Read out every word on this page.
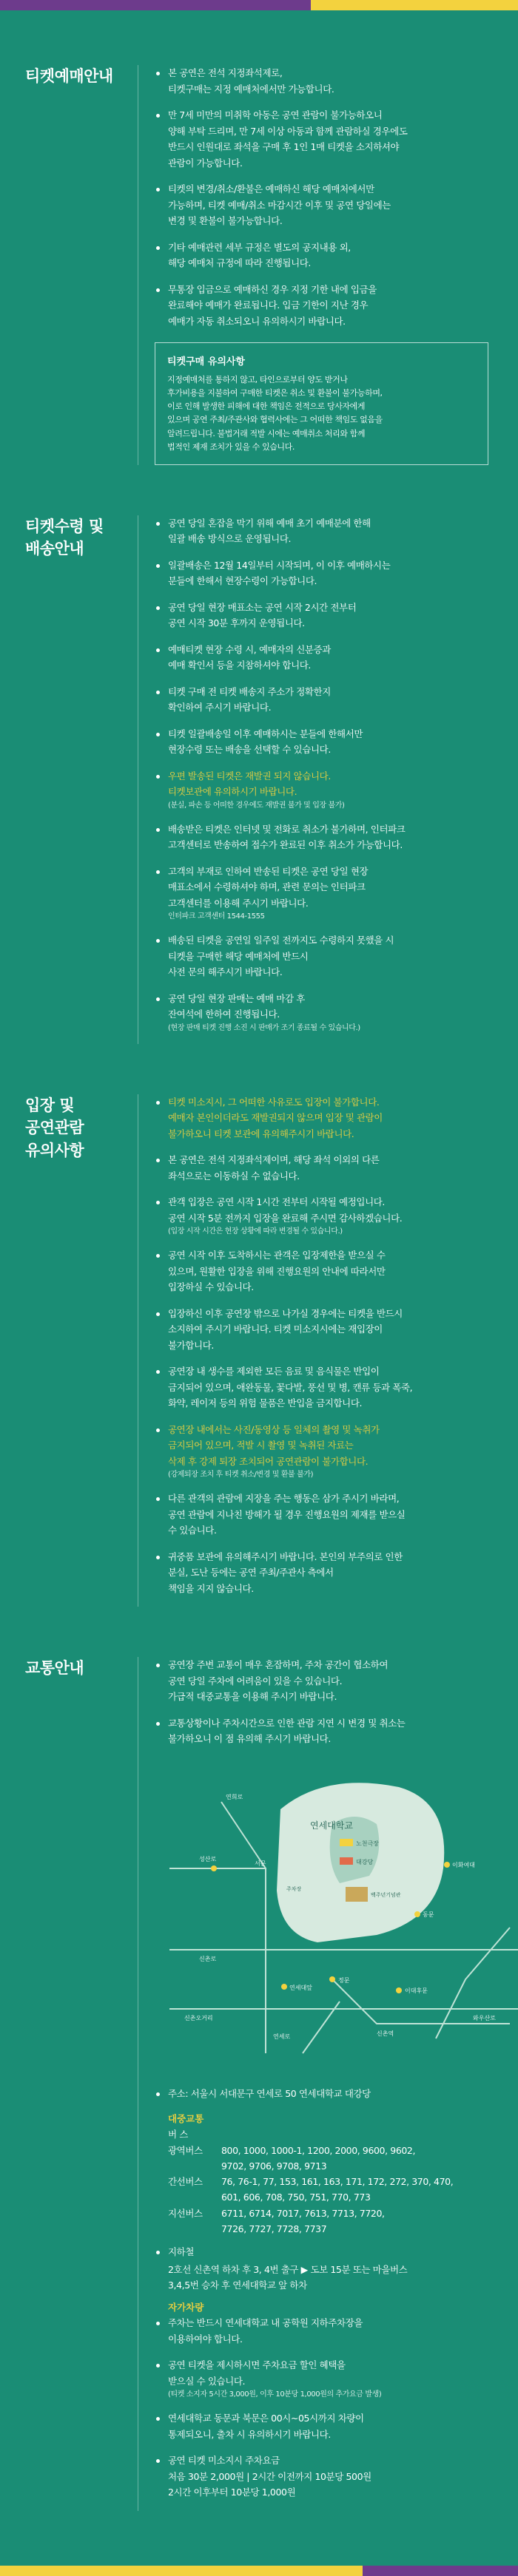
티켓예매안내	본 공연은 전석 지정좌석제로,
티켓구매는 지정 예매처에서만 가능합니다.
만 7세 미만의 미취학 아동은 공연 관람이 불가능하오니
양해 부탁 드리며, 만 7세 이상 아동과 함께 관람하실 경우에도
반드시 인원대로 좌석을 구매 후 1인 1매 티켓을 소지하셔야
관람이 가능합니다.
티켓의 변경/취소/환불은 예매하신 해당 예매처에서만
가능하며, 티켓 예매/취소 마감시간 이후 및 공연 당일에는
변경 및 환불이 불가능합니다.
기타 예매관련 세부 규정은 별도의 공지내용 외,
해당 예매처 규정에 따라 진행됩니다.
무통장 입금으로 예매하신 경우 지정 기한 내에 입금을
완료해야 예매가 완료됩니다. 입금 기한이 지난 경우
예매가 자동 취소되오니 유의하시기 바랍니다.
티켓구매 유의사항

지정예매처를 통하지 않고, 타인으로부터 양도 받거나
후가비용을 지불하여 구매한 티켓은 취소 및 환불이 불가능하며,
이로 인해 발생한 피해에 대한 책임은 전적으로 당사자에게
있으며 공연 주최/주관사와 협력사에는 그 어떠한 책임도 없음을
알려드립니다. 불법거래 적발 시에는 예매취소 처리와 함께
법적인 제재 조치가 있을 수 있습니다.

티켓수령 및
배송안내
공연 당일 혼잡을 막기 위해 예매 초기 예매분에 한해
일괄 배송 방식으로 운영됩니다.
일괄배송은 12월 14일부터 시작되며, 이 이후 예매하시는
분들에 한해서 현장수령이 가능합니다.
공연 당일 현장 매표소는 공연 시작 2시간 전부터
공연 시작 30분 후까지 운영됩니다.
예매티켓 현장 수령 시, 예매자의 신분증과
예매 확인서 등을 지참하셔야 합니다.
티켓 구매 전 티켓 배송지 주소가 정확한지
확인하여 주시기 바랍니다.
티켓 일괄배송일 이후 예매하시는 분들에 한해서만
현장수령 또는 배송을 선택할 수 있습니다.
우편 발송된 티켓은 재발권 되지 않습니다.
티켓보관에 유의하시기 바랍니다.
(분실, 파손 등 어떠한 경우에도 재발권 불가 및 입장 불가)
배송받은 티켓은 인터넷 및 전화로 취소가 불가하며, 인터파크
고객센터로 반송하여 접수가 완료된 이후 취소가 가능합니다.
고객의 부재로 인하여 반송된 티켓은 공연 당일 현장
매표소에서 수령하셔야 하며, 관련 문의는 인터파크
고객센터를 이용해 주시기 바랍니다.
인터파크 고객센터 1544-1555
배송된 티켓을 공연일 일주일 전까지도 수령하지 못했을 시
티켓을 구매한 해당 예매처에 반드시
사전 문의 해주시기 바랍니다.
공연 당일 현장 판매는 예매 마감 후
잔여석에 한하여 진행됩니다.
(현장 판매 티켓 진행 소진 시 판매가 조기 종료될 수 있습니다.)
입장 및
공연관람
유의사항
티켓 미소지시, 그 어떠한 사유로도 입장이 불가합니다.
예매자 본인이더라도 재발권되지 않으며 입장 및 관람이
불가하오니 티켓 보관에 유의해주시기 바랍니다.
본 공연은 전석 지정좌석제이며, 해당 좌석 이외의 다른
좌석으로는 이동하실 수 없습니다.
관객 입장은 공연 시작 1시간 전부터 시작될 예정입니다.
공연 시작 5분 전까지 입장을 완료해 주시면 감사하겠습니다.
(입장 시작 시간은 현장 상황에 따라 변경될 수 있습니다.)
공연 시작 이후 도착하시는 관객은 입장제한을 받으실 수
있으며, 원활한 입장을 위해 진행요원의 안내에 따라서만
입장하실 수 있습니다.
입장하신 이후 공연장 밖으로 나가실 경우에는 티켓을 반드시
소지하여 주시기 바랍니다. 티켓 미소지시에는 재입장이
불가합니다.
공연장 내 생수를 제외한 모든 음료 및 음식물은 반입이
금지되어 있으며, 애완동물, 꽃다발, 풍선 및 병, 캔류 등과 폭죽,
화약, 레이저 등의 위험 물품은 반입을 금지합니다.
공연장 내에서는 사진/동영상 등 일체의 촬영 및 녹취가
금지되어 있으며, 적발 시 촬영 및 녹취된 자료는
삭제 후 강제 퇴장 조치되어 공연관람이 불가합니다.
(강제퇴장 조치 후 티켓 취소/변경 및 환불 불가)
다른 관객의 관람에 지장을 주는 행동은 삼가 주시기 바라며,
공연 관람에 지나친 방해가 될 경우 진행요원의 제재를 받으실
수 있습니다.
귀중품 보관에 유의해주시기 바랍니다. 본인의 부주의로 인한
분실, 도난 등에는 공연 주최/주관사 측에서
책임을 지지 않습니다.
교통안내	공연장 주변 교통이 매우 혼잡하며, 주차 공간이 협소하여
공연 당일 주차에 어려움이 있을 수 있습니다.
가급적 대중교통을 이용해 주시기 바랍니다.
교통상황이나 주차시간으로 인한 관람 지연 시 변경 및 취소는
불가하오니 이 점 유의해 주시기 바랍니다.
연세대학교
노천극장
대강당
백주년기념관
주차장
이화여대
동문
서문
연세대앞
정문
이대후문
신촌로
연세로	신촌역
성산로
신촌오거리	와우산로
연희로
주소: 서울시 서대문구 연세로 50 연세대학교 대강당
대중교통
버 스
광역버스	800, 1000, 1000-1, 1200, 2000, 9600, 9602,
9702, 9706, 9708, 9713
간선버스	76, 76-1, 77, 153, 161, 163, 171, 172, 272, 370, 470,
601, 606, 708, 750, 751, 770, 773
지선버스	6711, 6714, 7017, 7613, 7713, 7720,
7726, 7727, 7728, 7737
지하철
2호선 신촌역 하차 후 3, 4번 출구 ▶ 도보 15분 또는 마을버스
3,4,5번 승차 후 연세대학교 앞 하차
자가차량
주차는 반드시 연세대학교 내 공학원 지하주차장을
이용하여야 합니다.
공연 티켓을 제시하시면 주차요금 할인 혜택을
받으실 수 있습니다.
(티켓 소지자 5시간 3,000원, 이후 10분당 1,000원의 추가요금 발생)
연세대학교 동문과 북문은 00시~05시까지 차량이
통제되오니, 출차 시 유의하시기 바랍니다.
공연 티켓 미소지시 주차요금
처음 30분 2,000원 | 2시간 이전까지 10분당 500원
2시간 이후부터 10분당 1,000원
